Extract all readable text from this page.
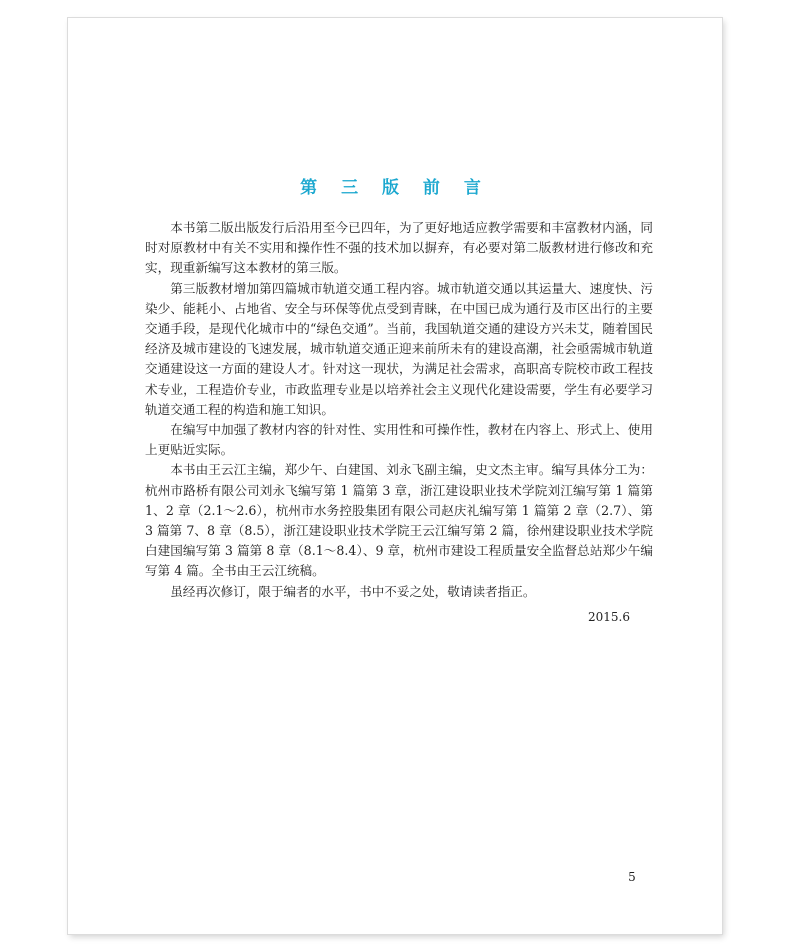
第 三 版 前 言

本书第二版出版发行后沿用至今已四年，为了更好地适应教学需要和丰富教材内涵，同时对原教材中有关不实用和操作性不强的技术加以摒弃，有必要对第二版教材进行修改和充实，现重新编写这本教材的第三版。

第三版教材增加第四篇城市轨道交通工程内容。城市轨道交通以其运量大、速度快、污染少、能耗小、占地省、安全与环保等优点受到青睐，在中国已成为通行及市区出行的主要交通手段，是现代化城市中的“绿色交通”。当前，我国轨道交通的建设方兴未艾，随着国民经济及城市建设的飞速发展，城市轨道交通正迎来前所未有的建设高潮，社会亟需城市轨道交通建设这一方面的建设人才。针对这一现状，为满足社会需求，高职高专院校市政工程技术专业，工程造价专业，市政监理专业是以培养社会主义现代化建设需要，学生有必要学习轨道交通工程的构造和施工知识。

在编写中加强了教材内容的针对性、实用性和可操作性，教材在内容上、形式上、使用上更贴近实际。

本书由王云江主编，郑少午、白建国、刘永飞副主编，史文杰主审。编写具体分工为：杭州市路桥有限公司刘永飞编写第 1 篇第 3 章，浙江建设职业技术学院刘江编写第 1 篇第 1、2 章（2.1～2.6），杭州市水务控股集团有限公司赵庆礼编写第 1 篇第 2 章（2.7）、第 3 篇第 7、8 章（8.5），浙江建设职业技术学院王云江编写第 2 篇，徐州建设职业技术学院白建国编写第 3 篇第 8 章（8.1～8.4）、9 章，杭州市建设工程质量安全监督总站郑少午编写第 4 篇。全书由王云江统稿。

虽经再次修订，限于编者的水平，书中不妥之处，敬请读者指正。

2015.6
5
